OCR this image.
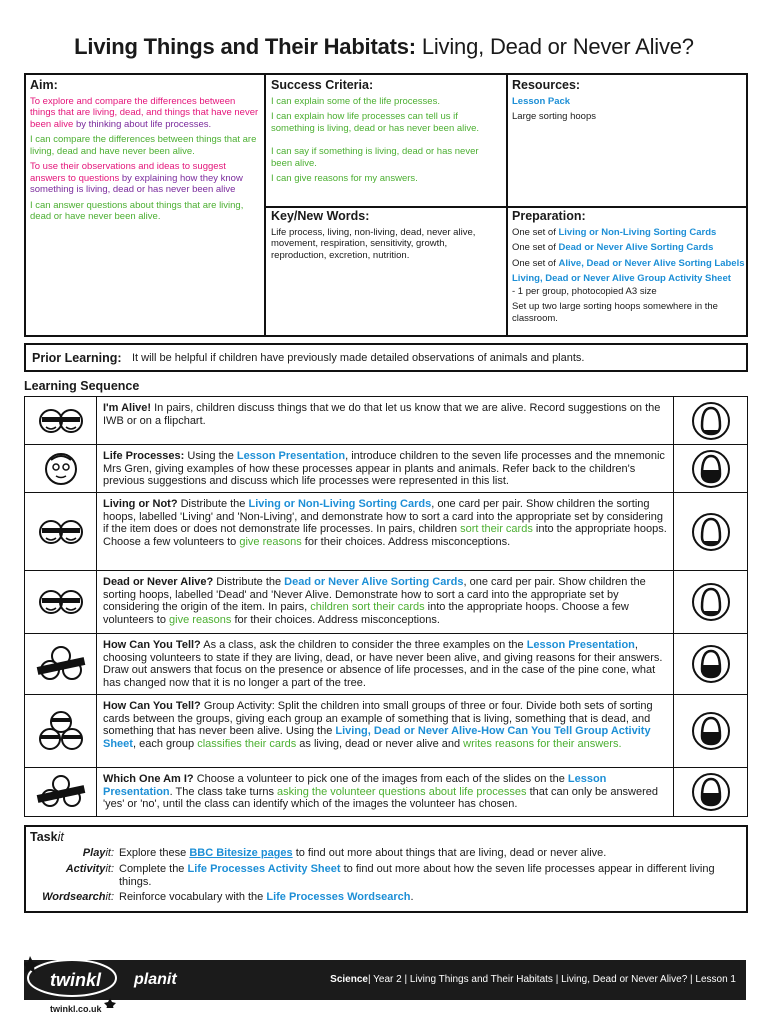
Living Things and Their Habitats: Living, Dead or Never Alive?
Aim:

To explore and compare the differences between things that are living, dead, and things that have never been alive by thinking about life processes.

I can compare the differences between things that are living, dead and have never been alive.

To use their observations and ideas to suggest answers to questions by explaining how they know something is living, dead or has never been alive

I can answer questions about things that are living, dead or have never been alive.

Success Criteria:

I can explain some of the life processes.

I can explain how life processes can tell us if something is living, dead or has never been alive.

I can say if something is living, dead or has never been alive.

I can give reasons for my answers.

Resources:

Lesson Pack

Large sorting hoops

Key/New Words:

Life process, living, non-living, dead, never alive, movement, respiration, sensitivity, growth, reproduction, excretion, nutrition.

Preparation:

One set of Living or Non-Living Sorting Cards

One set of Dead or Never Alive Sorting Cards

One set of Alive, Dead or Never Alive Sorting Labels

Living, Dead or Never Alive Group Activity Sheet

- 1 per group, photocopied A3 size

Set up two large sorting hoops somewhere in the classroom.

Prior Learning: It will be helpful if children have previously made detailed observations of animals and plants.
Learning Sequence
I'm Alive! In pairs, children discuss things that we do that let us know that we are alive. Record suggestions on the IWB or on a flipchart.
Life Processes: Using the Lesson Presentation, introduce children to the seven life processes and the mnemonic Mrs Gren, giving examples of how these processes appear in plants and animals. Refer back to the children's previous suggestions and discuss which life processes were represented in this list.
Living or Not? Distribute the Living or Non-Living Sorting Cards, one card per pair. Show children the sorting hoops, labelled 'Living' and 'Non-Living', and demonstrate how to sort a card into the appropriate set by considering if the item does or does not demonstrate life processes. In pairs, children sort their cards into the appropriate hoops. Choose a few volunteers to give reasons for their choices. Address misconceptions.
Dead or Never Alive? Distribute the Dead or Never Alive Sorting Cards, one card per pair. Show children the sorting hoops, labelled 'Dead' and 'Never Alive. Demonstrate how to sort a card into the appropriate set by considering the origin of the item. In pairs, children sort their cards into the appropriate hoops. Choose a few volunteers to give reasons for their choices. Address misconceptions.
How Can You Tell? As a class, ask the children to consider the three examples on the Lesson Presentation, choosing volunteers to state if they are living, dead, or have never been alive, and giving reasons for their answers. Draw out answers that focus on the presence or absence of life processes, and in the case of the pine cone, what has changed now that it is no longer a part of the tree.
How Can You Tell? Group Activity: Split the children into small groups of three or four. Divide both sets of sorting cards between the groups, giving each group an example of something that is living, something that is dead, and something that has never been alive. Using the Living, Dead or Never Alive-How Can You Tell Group Activity Sheet, each group classifies their cards as living, dead or never alive and writes reasons for their answers.
Which One Am I? Choose a volunteer to pick one of the images from each of the slides on the Lesson Presentation. The class take turns asking the volunteer questions about life processes that can only be answered 'yes' or 'no', until the class can identify which of the images the volunteer has chosen.
Taskit
Playit: Explore these BBC Bitesize pages to find out more about things that are living, dead or never alive.
Activityit: Complete the Life Processes Activity Sheet to find out more about how the seven life processes appear in different living things.
Wordsearchit: Reinforce vocabulary with the Life Processes Wordsearch.
twinkl planit	Science| Year 2 | Living Things and Their Habitats | Living, Dead or Never Alive? | Lesson 1
twinkl.co.uk
